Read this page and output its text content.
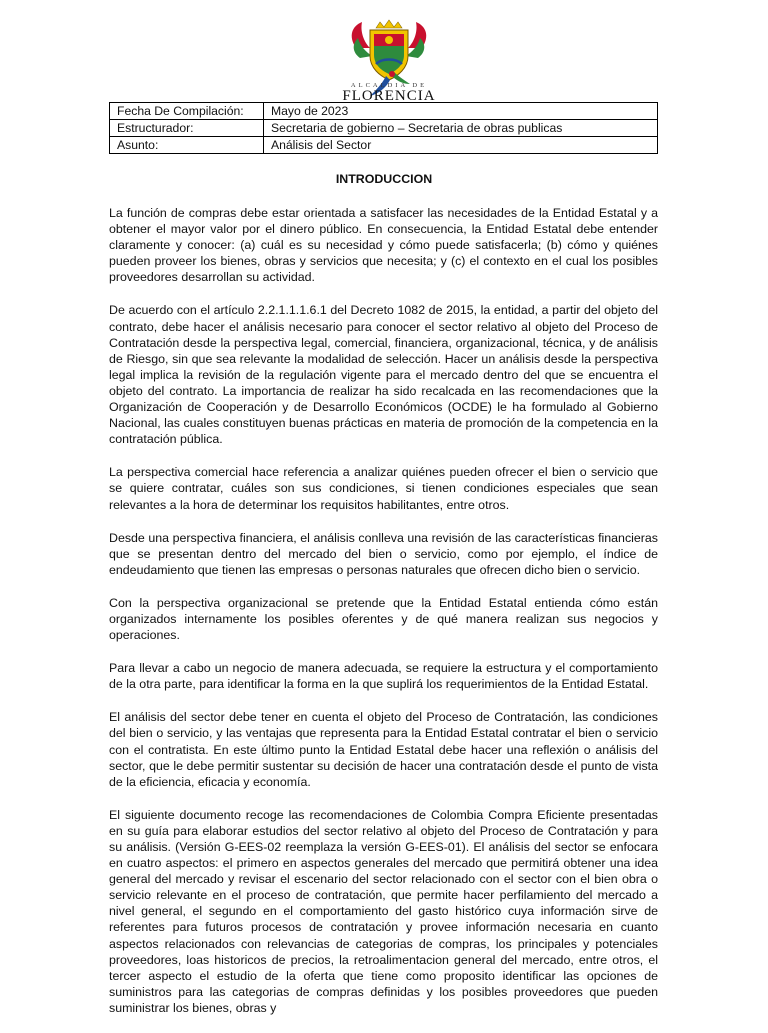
ALCALDIA DE
FLORENCIA
Fecha De Compilación:	Mayo de 2023
Estructurador:	Secretaria de gobierno – Secretaria de obras publicas
Asunto:	Análisis del Sector
INTRODUCCION

La función de compras debe estar orientada a satisfacer las necesidades de la Entidad Estatal y a obtener el mayor valor por el dinero público. En consecuencia, la Entidad Estatal debe entender claramente y conocer: (a) cuál es su necesidad y cómo puede satisfacerla; (b) cómo y quiénes pueden proveer los bienes, obras y servicios que necesita; y (c) el contexto en el cual los posibles proveedores desarrollan su actividad.

De acuerdo con el artículo 2.2.1.1.1.6.1 del Decreto 1082 de 2015, la entidad, a partir del objeto del contrato, debe hacer el análisis necesario para conocer el sector relativo al objeto del Proceso de Contratación desde la perspectiva legal, comercial, financiera, organizacional, técnica, y de análisis de Riesgo, sin que sea relevante la modalidad de selección. Hacer un análisis desde la perspectiva legal implica la revisión de la regulación vigente para el mercado dentro del que se encuentra el objeto del contrato. La importancia de realizar ha sido recalcada en las recomendaciones que la Organización de Cooperación y de Desarrollo Económicos (OCDE) le ha formulado al Gobierno Nacional, las cuales constituyen buenas prácticas en materia de promoción de la competencia en la contratación pública.

La perspectiva comercial hace referencia a analizar quiénes pueden ofrecer el bien o servicio que se quiere contratar, cuáles son sus condiciones, si tienen condiciones especiales que sean relevantes a la hora de determinar los requisitos habilitantes, entre otros.

Desde una perspectiva financiera, el análisis conlleva una revisión de las características financieras que se presentan dentro del mercado del bien o servicio, como por ejemplo, el índice de endeudamiento que tienen las empresas o personas naturales que ofrecen dicho bien o servicio.

Con la perspectiva organizacional se pretende que la Entidad Estatal entienda cómo están organizados internamente los posibles oferentes y de qué manera realizan sus negocios y operaciones.

Para llevar a cabo un negocio de manera adecuada, se requiere la estructura y el comportamiento de la otra parte, para identificar la forma en la que suplirá los requerimientos de la Entidad Estatal.

El análisis del sector debe tener en cuenta el objeto del Proceso de Contratación, las condiciones del bien o servicio, y las ventajas que representa para la Entidad Estatal contratar el bien o servicio con el contratista. En este último punto la Entidad Estatal debe hacer una reflexión o análisis del sector, que le debe permitir sustentar su decisión de hacer una contratación desde el punto de vista de la eficiencia, eficacia y economía.

El siguiente documento recoge las recomendaciones de Colombia Compra Eficiente presentadas en su guía para elaborar estudios del sector relativo al objeto del Proceso de Contratación y para su análisis. (Versión G-EES-02 reemplaza la versión G-EES-01). El análisis del sector se enfocara en cuatro aspectos: el primero en aspectos generales del mercado que permitirá obtener una idea general del mercado y revisar el escenario del sector relacionado con el sector con el bien obra o servicio relevante en el proceso de contratación, que permite hacer perfilamiento del mercado a nivel general, el segundo en el comportamiento del gasto histórico cuya información sirve de referentes para futuros procesos de contratación y provee información necesaria en cuanto aspectos relacionados con relevancias de categorias de compras, los principales y potenciales proveedores, loas historicos de precios, la retroalimentacion general del mercado, entre otros, el tercer aspecto el estudio de la oferta que tiene como proposito identificar las opciones de suministros para las categorias de compras definidas y los posibles proveedores que pueden suministrar los bienes, obras y
